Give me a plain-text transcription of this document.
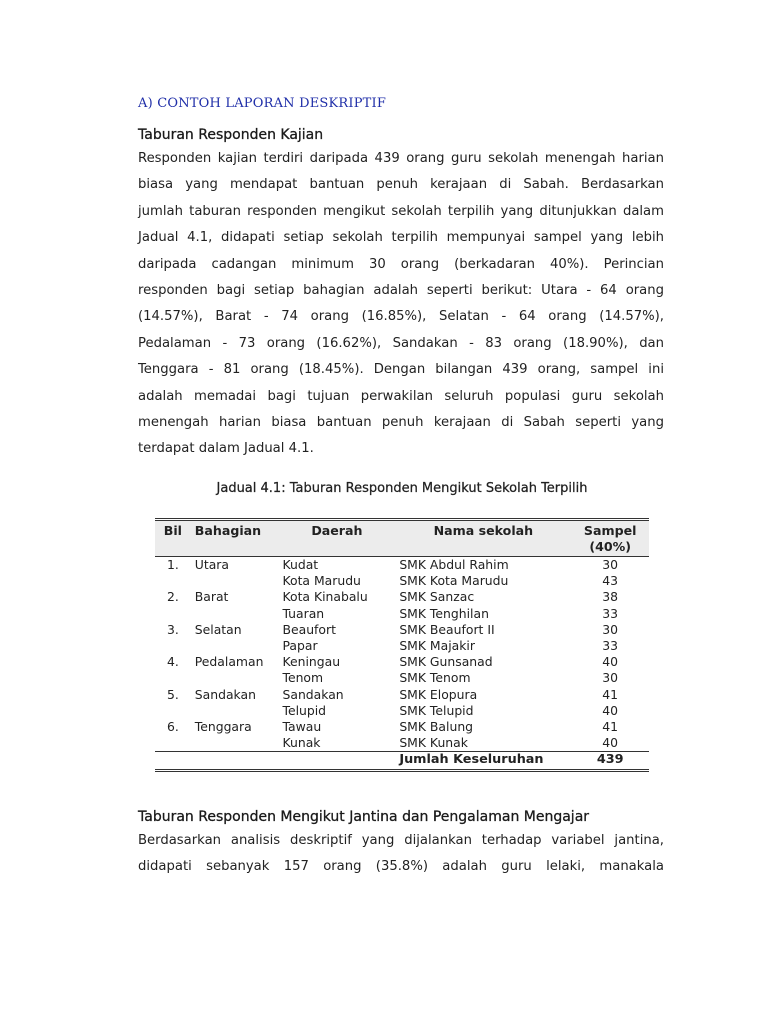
A) CONTOH LAPORAN DESKRIPTIF
Taburan Responden Kajian
Responden kajian terdiri daripada 439 orang guru sekolah menengah harian
biasa yang mendapat bantuan penuh kerajaan di Sabah. Berdasarkan
jumlah taburan responden mengikut sekolah terpilih yang ditunjukkan dalam
Jadual 4.1, didapati setiap sekolah terpilih mempunyai sampel yang lebih
daripada cadangan minimum 30 orang (berkadaran 40%). Perincian
responden bagi setiap bahagian adalah seperti berikut: Utara - 64 orang
(14.57%), Barat - 74 orang (16.85%), Selatan - 64 orang (14.57%),
Pedalaman - 73 orang (16.62%), Sandakan - 83 orang (18.90%), dan
Tenggara - 81 orang (18.45%). Dengan bilangan 439 orang, sampel ini
adalah memadai bagi tujuan perwakilan seluruh populasi guru sekolah
menengah harian biasa bantuan penuh kerajaan di Sabah seperti yang
terdapat dalam Jadual 4.1.
Jadual 4.1: Taburan Responden Mengikut Sekolah Terpilih
Bil	Bahagian	Daerah	Nama sekolah	Sampel
(40%)

1.	Utara	Kudat	SMK Abdul Rahim	30
		Kota Marudu	SMK Kota Marudu	43
2.	Barat	Kota Kinabalu	SMK Sanzac	38
		Tuaran	SMK Tenghilan	33
3.	Selatan	Beaufort	SMK Beaufort II	30
		Papar	SMK Majakir	33
4.	Pedalaman	Keningau	SMK Gunsanad	40
		Tenom	SMK Tenom	30
5.	Sandakan	Sandakan	SMK Elopura	41
		Telupid	SMK Telupid	40
6.	Tenggara	Tawau	SMK Balung	41
		Kunak	SMK Kunak	40
			Jumlah Keseluruhan	439
Taburan Responden Mengikut Jantina dan Pengalaman Mengajar
Berdasarkan analisis deskriptif yang dijalankan terhadap variabel jantina,
didapati sebanyak 157 orang (35.8%) adalah guru lelaki, manakala
